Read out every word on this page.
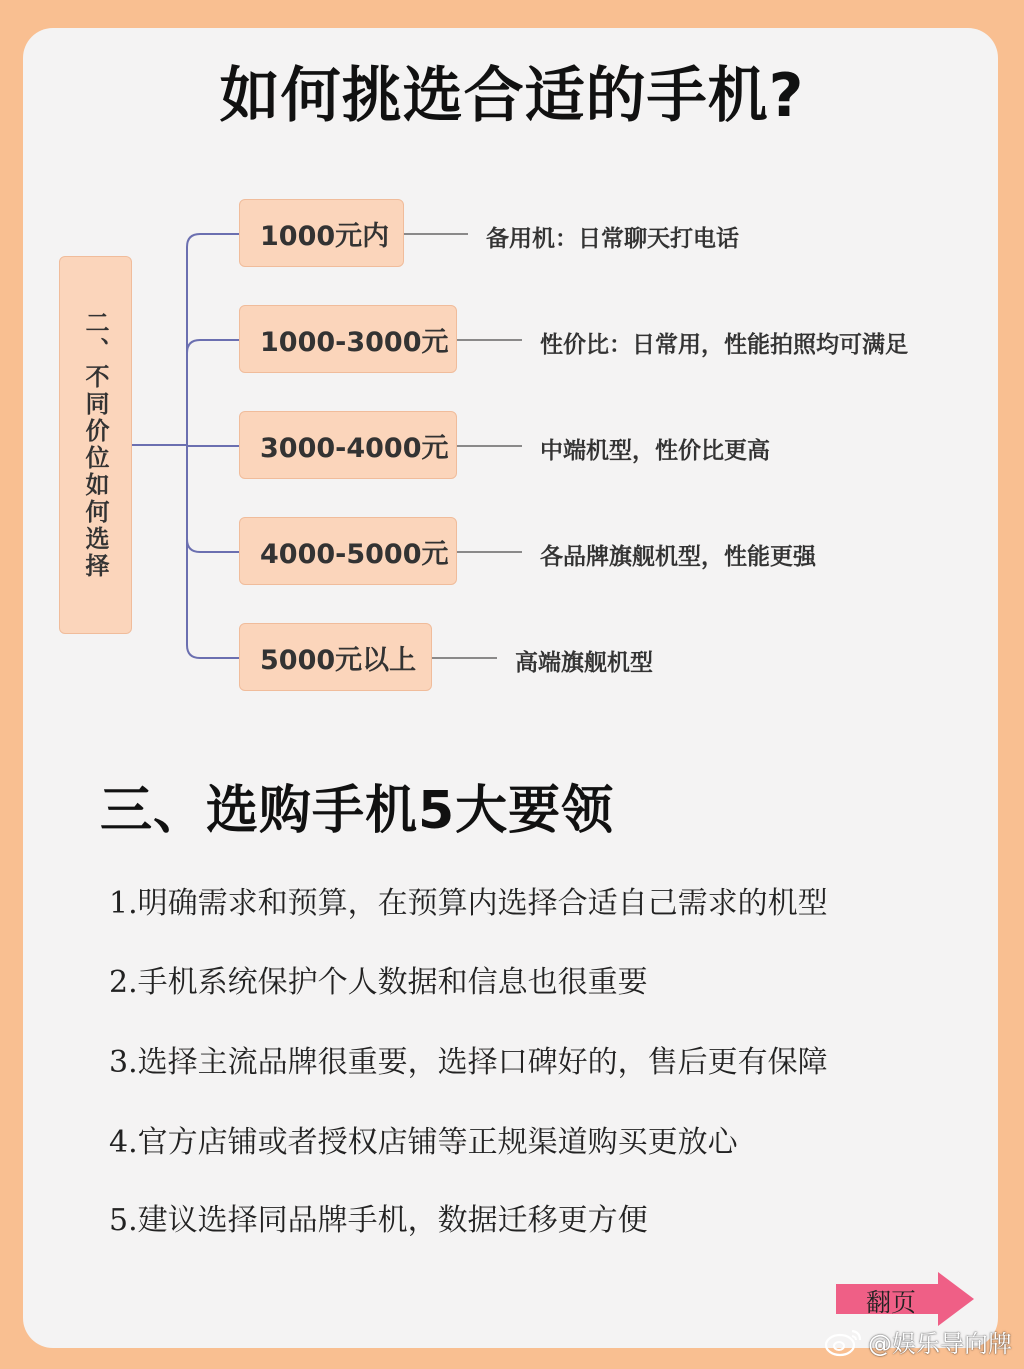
如何挑选合适的手机?
二、不同价位如何选择
1000元内	备用机：日常聊天打电话
1000-3000元	性价比：日常用，性能拍照均可满足
3000-4000元	中端机型，性价比更高
4000-5000元	各品牌旗舰机型，性能更强
5000元以上	高端旗舰机型
三、选购手机5大要领
1.明确需求和预算，在预算内选择合适自己需求的机型
2.手机系统保护个人数据和信息也很重要
3.选择主流品牌很重要，选择口碑好的，售后更有保障
4.官方店铺或者授权店铺等正规渠道购买更放心
5.建议选择同品牌手机，数据迁移更方便
翻页
@娱乐导向牌
